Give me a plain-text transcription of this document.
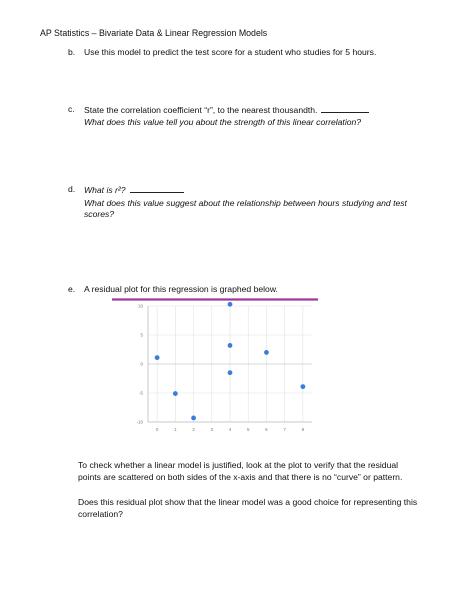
AP Statistics – Bivariate Data & Linear Regression Models
b. Use this model to predict the test score for a student who studies for 5 hours.
c. State the correlation coefficient “r”, to the nearest thousandth.
What does this value tell you about the strength of this linear correlation?
d. What is r²?
What does this value suggest about the relationship between hours studying and test scores?
e. A residual plot for this regression is graphed below.
0	1	2	3	4	5	6	7	8
-10
-5
0
5
10
To check whether a linear model is justified, look at the plot to verify that the residual points are scattered on both sides of the x-axis and that there is no “curve” or pattern.
Does this residual plot show that the linear model was a good choice for representing this correlation?
